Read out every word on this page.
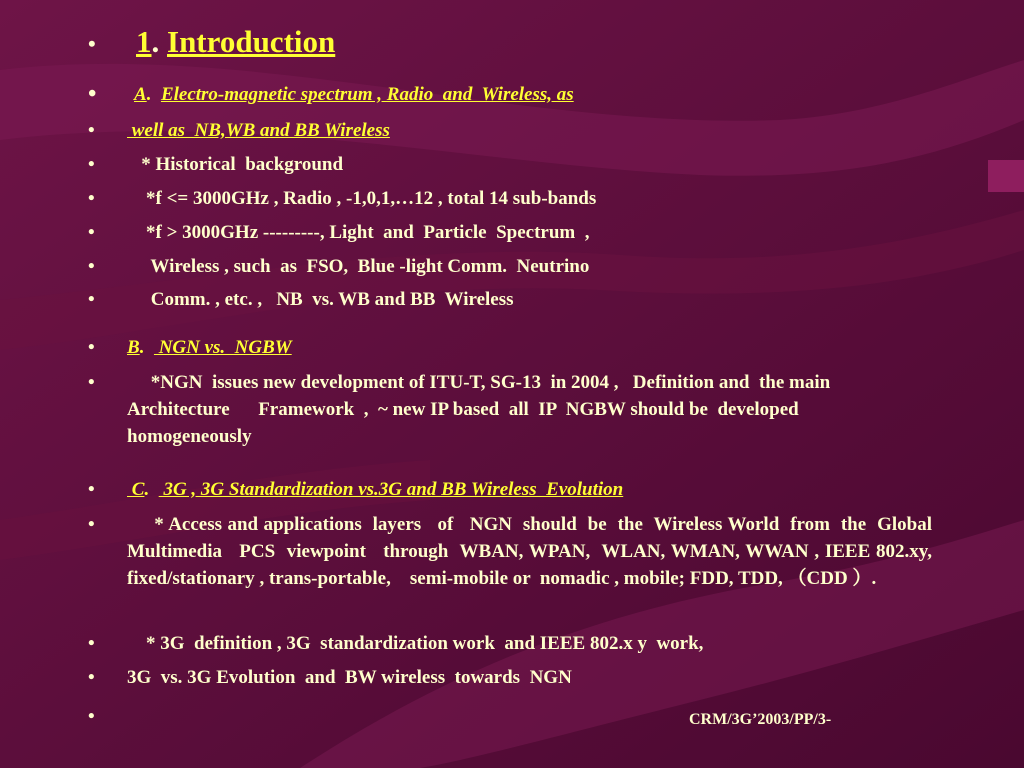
• 1. Introduction
• A. Electro-magnetic spectrum , Radio  and  Wireless, as
• well as  NB,WB and BB Wireless
• * Historical  background
• *f <= 3000GHz , Radio , -1,0,1,…12 , total 14 sub-bands
• *f > 3000GHz ---------, Light  and  Particle  Spectrum  ,
• Wireless , such  as  FSO,  Blue -light Comm.  Neutrino
• Comm. , etc. ,   NB  vs. WB and BB  Wireless
• B.   NGN vs.  NGBW
• *NGN  issues new development of ITU-T, SG-13  in 2004 ,   Definition and  the main  Architecture      Framework  ,  ~ new IP based  all  IP  NGBW should be  developed  homogeneously
• C.   3G , 3G Standardization vs.3G and BB Wireless  Evolution
• * Access and applications  layers   of   NGN  should  be  the  Wireless World  from  the  Global  Multimedia   PCS  viewpoint   through  WBAN, WPAN,  WLAN, WMAN, WWAN , IEEE 802.xy,  fixed/stationary , trans-portable,    semi-mobile or  nomadic , mobile; FDD, TDD, （CDD ）.
• * 3G  definition , 3G  standardization work  and IEEE 802.x y  work,
• 3G  vs. 3G Evolution  and  BW wireless  towards  NGN
•	CRM/3G’2003/PP/3-
